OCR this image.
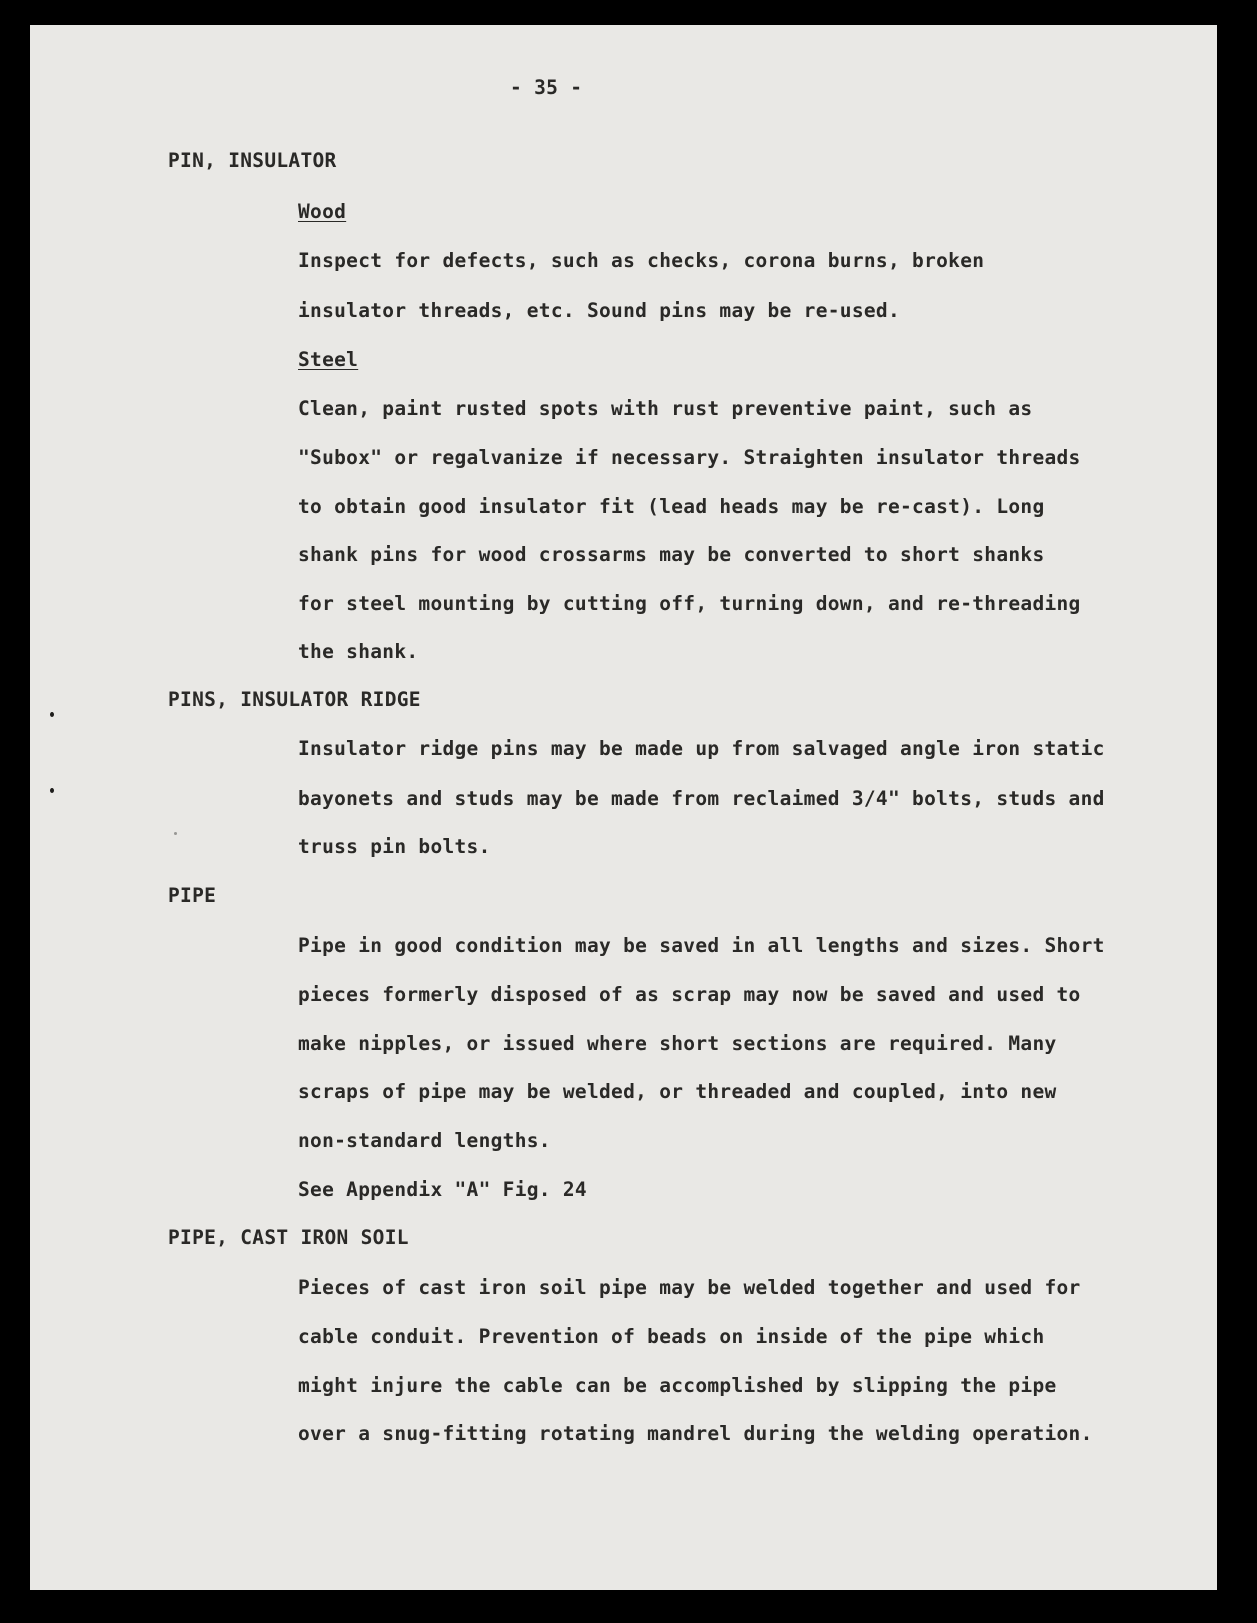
- 35 -
PIN, INSULATOR
Wood
Inspect for defects, such as checks, corona burns, broken
insulator threads, etc. Sound pins may be re-used.
Steel
Clean, paint rusted spots with rust preventive paint, such as
"Subox" or regalvanize if necessary. Straighten insulator threads
to obtain good insulator fit (lead heads may be re-cast). Long
shank pins for wood crossarms may be converted to short shanks
for steel mounting by cutting off, turning down, and re-threading
the shank.
PINS, INSULATOR RIDGE
Insulator ridge pins may be made up from salvaged angle iron static
bayonets and studs may be made from reclaimed 3/4" bolts, studs and
truss pin bolts.
PIPE
Pipe in good condition may be saved in all lengths and sizes. Short
pieces formerly disposed of as scrap may now be saved and used to
make nipples, or issued where short sections are required. Many
scraps of pipe may be welded, or threaded and coupled, into new
non-standard lengths.
See Appendix "A" Fig. 24
PIPE, CAST IRON SOIL
Pieces of cast iron soil pipe may be welded together and used for
cable conduit. Prevention of beads on inside of the pipe which
might injure the cable can be accomplished by slipping the pipe
over a snug-fitting rotating mandrel during the welding operation.
